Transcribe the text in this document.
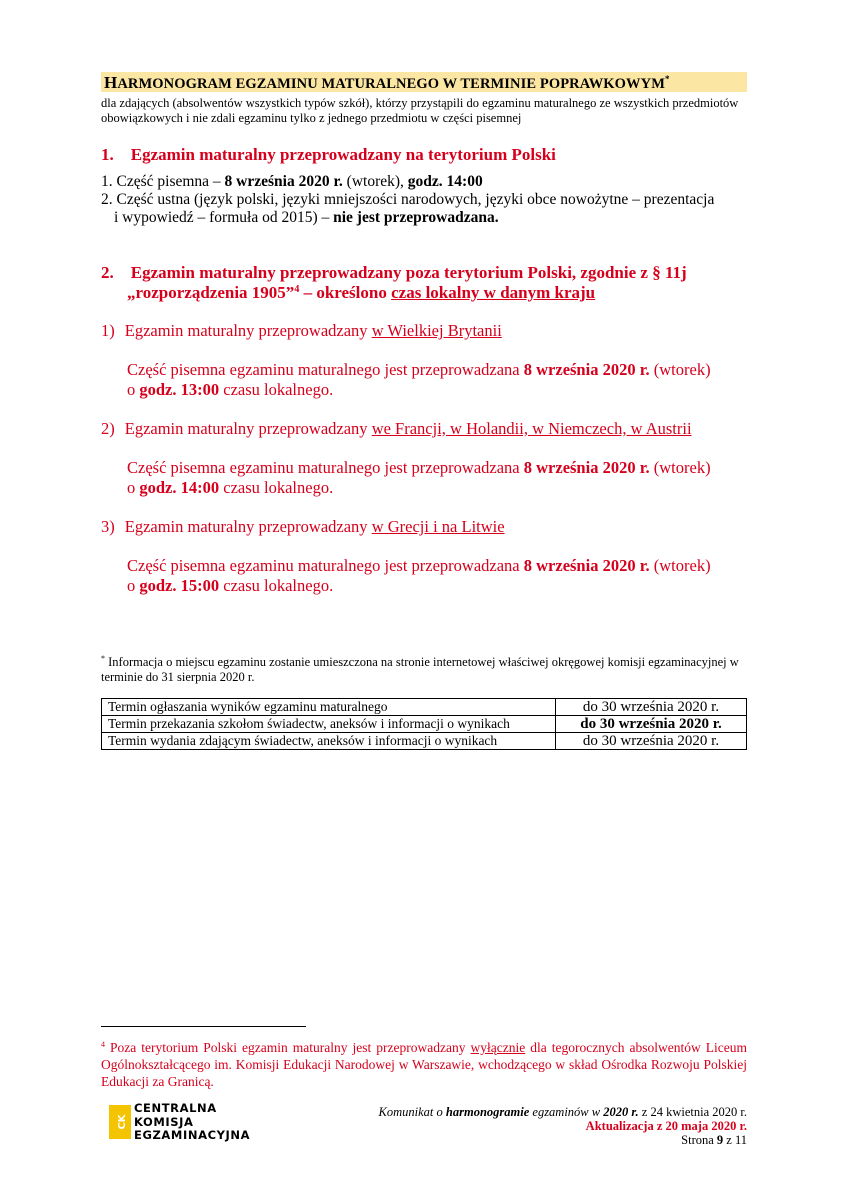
HARMONOGRAM EGZAMINU MATURALNEGO W TERMINIE POPRAWKOWYM*
dla zdających (absolwentów wszystkich typów szkół), którzy przystąpili do egzaminu maturalnego ze wszystkich przedmiotów obowiązkowych i nie zdali egzaminu tylko z jednego przedmiotu w części pisemnej
1. Egzamin maturalny przeprowadzany na terytorium Polski
1. Część pisemna – 8 września 2020 r. (wtorek), godz. 14:00
2. Część ustna (język polski, języki mniejszości narodowych, języki obce nowożytne – prezentacja
i wypowiedź – formuła od 2015) – nie jest przeprowadzana.
2. Egzamin maturalny przeprowadzany poza terytorium Polski, zgodnie z § 11j
„rozporządzenia 1905”$^4$ – określono czas lokalny w danym kraju
1) Egzamin maturalny przeprowadzany w Wielkiej Brytanii
Część pisemna egzaminu maturalnego jest przeprowadzana 8 września 2020 r. (wtorek)
o godz. 13:00 czasu lokalnego.
2) Egzamin maturalny przeprowadzany we Francji, w Holandii, w Niemczech, w Austrii
Część pisemna egzaminu maturalnego jest przeprowadzana 8 września 2020 r. (wtorek)
o godz. 14:00 czasu lokalnego.
3) Egzamin maturalny przeprowadzany w Grecji i na Litwie
Część pisemna egzaminu maturalnego jest przeprowadzana 8 września 2020 r. (wtorek)
o godz. 15:00 czasu lokalnego.
* Informacja o miejscu egzaminu zostanie umieszczona na stronie internetowej właściwej okręgowej komisji egzaminacyjnej w terminie do 31 sierpnia 2020 r.
Termin ogłaszania wyników egzaminu maturalnego	do 30 września 2020 r.
Termin przekazania szkołom świadectw, aneksów i informacji o wynikach	do 30 września 2020 r.
Termin wydania zdającym świadectw, aneksów i informacji o wynikach	do 30 września 2020 r.
$^4$ Poza terytorium Polski egzamin maturalny jest przeprowadzany wyłącznie dla tegorocznych absolwentów Liceum Ogólnokształcącego im. Komisji Edukacji Narodowej w Warszawie, wchodzącego w skład Ośrodka Rozwoju Polskiej Edukacji za Granicą.
CK
CENTRALNA
KOMISJA
EGZAMINACYJNA
Komunikat o harmonogramie egzaminów w 2020 r. z 24 kwietnia 2020 r.
Aktualizacja z 20 maja 2020 r.
Strona 9 z 11
